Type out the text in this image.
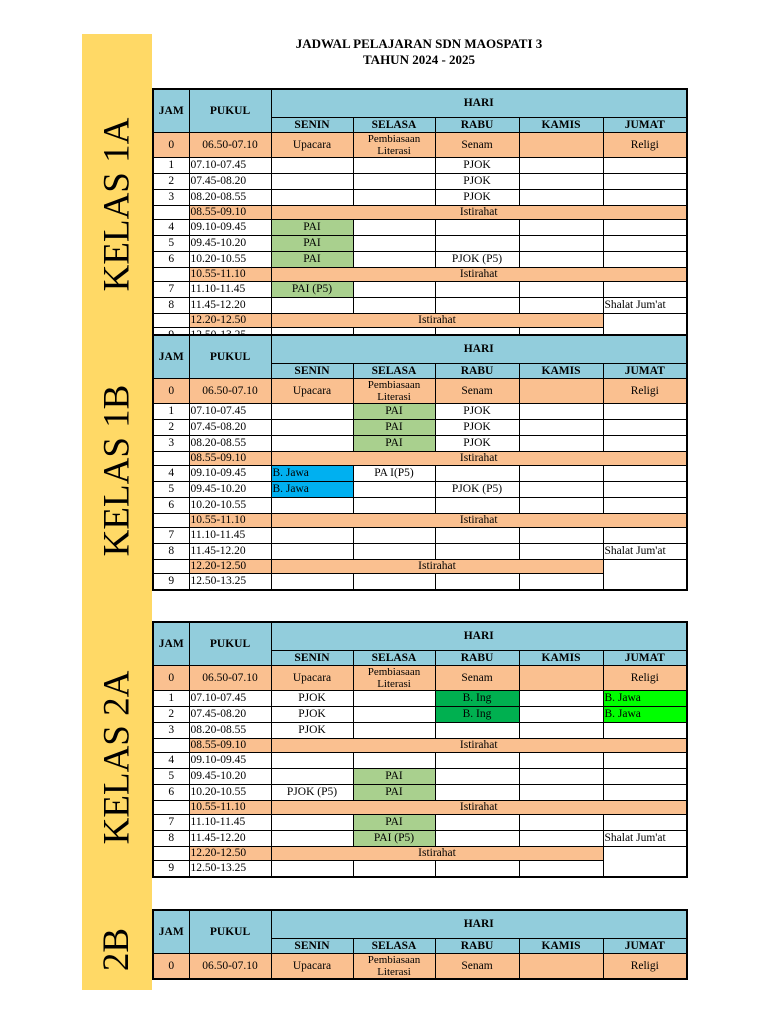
JADWAL PELAJARAN SDN MAOSPATI 3
TAHUN 2024 - 2025
JAM	PUKUL	HARI				
		SENIN	SELASA	RABU	KAMIS	JUMAT
0	06.50-07.10	Upacara	Pembiasaan Literasi	Senam		Religi
1	07.10-07.45			PJOK		
2	07.45-08.20			PJOK		
3	08.20-08.55			PJOK		
	08.55-09.10	Istirahat				
4	09.10-09.45	PAI				
5	09.45-10.20	PAI				
6	10.20-10.55	PAI		PJOK (P5)		
	10.55-11.10	Istirahat				
7	11.10-11.45	PAI (P5)				
8	11.45-12.20					Shalat Jum'at
	12.20-12.50	Istirahat				

JAM	PUKUL	HARI				
		SENIN	SELASA	RABU	KAMIS	JUMAT
0	06.50-07.10	Upacara	Pembiasaan Literasi	Senam		Religi
1	07.10-07.45		PAI	PJOK		
2	07.45-08.20		PAI	PJOK		
3	08.20-08.55		PAI	PJOK		
	08.55-09.10	Istirahat				
4	09.10-09.45	B. Jawa	PA I(P5)			
5	09.45-10.20	B. Jawa		PJOK (P5)		
6	10.20-10.55					
	10.55-11.10	Istirahat				
7	11.10-11.45					
8	11.45-12.20					Shalat Jum'at
	12.20-12.50	Istirahat				
9	12.50-13.25					
JAM	PUKUL	HARI				
		SENIN	SELASA	RABU	KAMIS	JUMAT
0	06.50-07.10	Upacara	Pembiasaan Literasi	Senam		Religi
1	07.10-07.45	PJOK		B. Ing		B. Jawa
2	07.45-08.20	PJOK		B. Ing		B. Jawa
3	08.20-08.55	PJOK				
	08.55-09.10	Istirahat				
4	09.10-09.45					
5	09.45-10.20		PAI			
6	10.20-10.55	PJOK (P5)	PAI			
	10.55-11.10	Istirahat				
7	11.10-11.45		PAI			
8	11.45-12.20		PAI (P5)			Shalat Jum'at
	12.20-12.50	Istirahat				
9	12.50-13.25					
JAM	PUKUL	HARI				
		SENIN	SELASA	RABU	KAMIS	JUMAT
0	06.50-07.10	Upacara	Pembiasaan Literasi	Senam		Religi
KELAS 1A
KELAS 1B
KELAS 2A
2B
